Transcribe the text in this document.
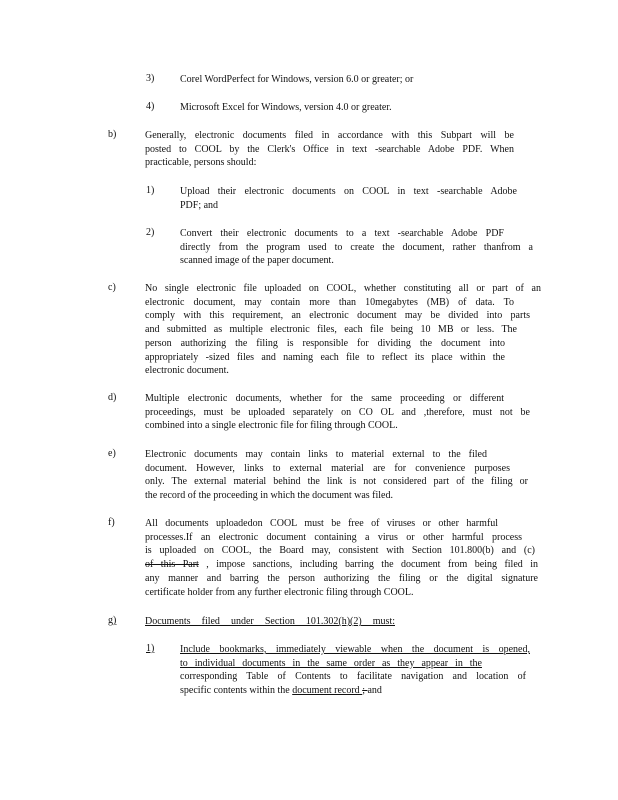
3)	Corel WordPerfect for Windows, version 6.0 or greater; or
4)	Microsoft Excel for Windows, version 4.0 or greater.
b)	Generally, electronic documents filed in accordance with this Subpart will be
posted to COOL by the Clerk's Office in text -searchable Adobe PDF. When
practicable, persons should:
1)	Upload their electronic documents on COOL in text -searchable Adobe
PDF; and
2)	Convert their electronic documents to a text -searchable Adobe PDF
directly from the program used to create the document, rather thanfrom a
scanned image of the paper document.
c)	No single electronic file uploaded on COOL, whether constituting all or part of an
electronic document, may contain more than 10megabytes (MB) of data. To
comply with this requirement, an electronic document may be divided into parts
and submitted as multiple electronic files, each file being 10 MB or less. The
person authorizing the filing is responsible for dividing the document into
appropriately -sized files and naming each file to reflect its place within the
electronic document.
d)	Multiple electronic documents, whether for the same proceeding or different
proceedings, must be uploaded separately on CO OL and ,therefore, must not be
combined into a single electronic file for filing through COOL.
e)	Electronic documents may contain links to material external to the filed
document. However, links to external material are for convenience purposes
only. The external material behind the link is not considered part of the filing or
the record of the proceeding in which the document was filed.
f)	All documents uploadedon COOL must be free of viruses or other harmful
processes.If an electronic document containing a virus or other harmful process
is uploaded on COOL, the Board may, consistent with Section 101.800(b) and (c)
of this Part , impose sanctions, including barring the document from being filed in
any manner and barring the person authorizing the filing or the digital signature
certificate holder from any further electronic filing through COOL.
g)	Documents filed under Section 101.302(h)(2) must:
1)	Include bookmarks, immediately viewable when the document is opened,
to individual documents in the same order as they appear in the
corresponding Table of Contents to facilitate navigation and location of
specific contents within the document record ; and
